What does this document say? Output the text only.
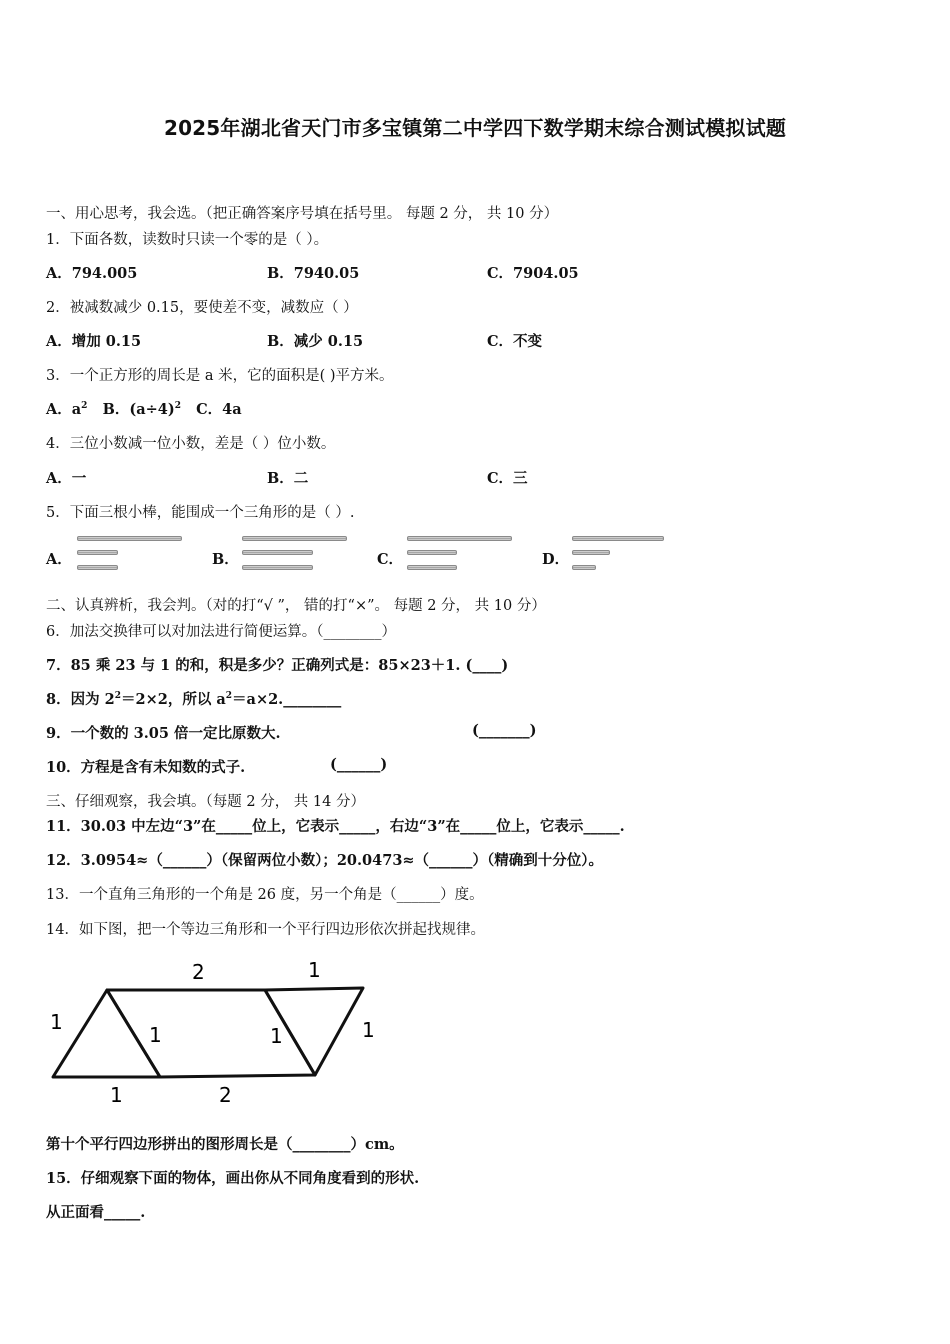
2025年湖北省天门市多宝镇第二中学四下数学期末综合测试模拟试题
一、用心思考，我会选。（把正确答案序号填在括号里。 每题 2 分， 共 10 分）
1．下面各数，读数时只读一个零的是（ ）。
A．794.005	B．7940.05	C．7904.05
2．被减数减少 0.15，要使差不变，减数应（ ）
A．增加 0.15	B．减少 0.15	C．不变
3．一个正方形的周长是 a 米，它的面积是( )平方米。
A．$a^2$ B．$(a\div 4)^2$ C．4a
4．三位小数减一位小数，差是（ ）位小数。
A．一	B．二	C．三
5．下面三根小棒，能围成一个三角形的是（ ）.
A．	B．	C．	D．
二、认真辨析，我会判。（对的打“√ ”， 错的打“×”。 每题 2 分， 共 10 分）
6．加法交换律可以对加法进行简便运算。（________）
7．85 乘 23 与 1 的和，积是多少？正确列式是：85×23＋1. (____)
8．因为 $2^2=2\times 2$，所以 $a^2=a\times 2.\_\_\_\_\_\_\_\_$
9．一个数的 3.05 倍一定比原数大.	(_______)
10．方程是含有未知数的式子.	(______)
三、仔细观察，我会填。（每题 2 分， 共 14 分）
11．30.03 中左边“3”在_____位上，它表示_____，右边“3”在_____位上，它表示_____.
12．3.0954≈（______）（保留两位小数）；20.0473≈（______）（精确到十分位）。
13．一个直角三角形的一个角是 26 度，另一个角是（______）度。
14．如下图，把一个等边三角形和一个平行四边形依次拼起找规律。
2	1
1
1	1	1
1	2
第十个平行四边形拼出的图形周长是（________）cm。
15．仔细观察下面的物体，画出你从不同角度看到的形状.
从正面看_____.
